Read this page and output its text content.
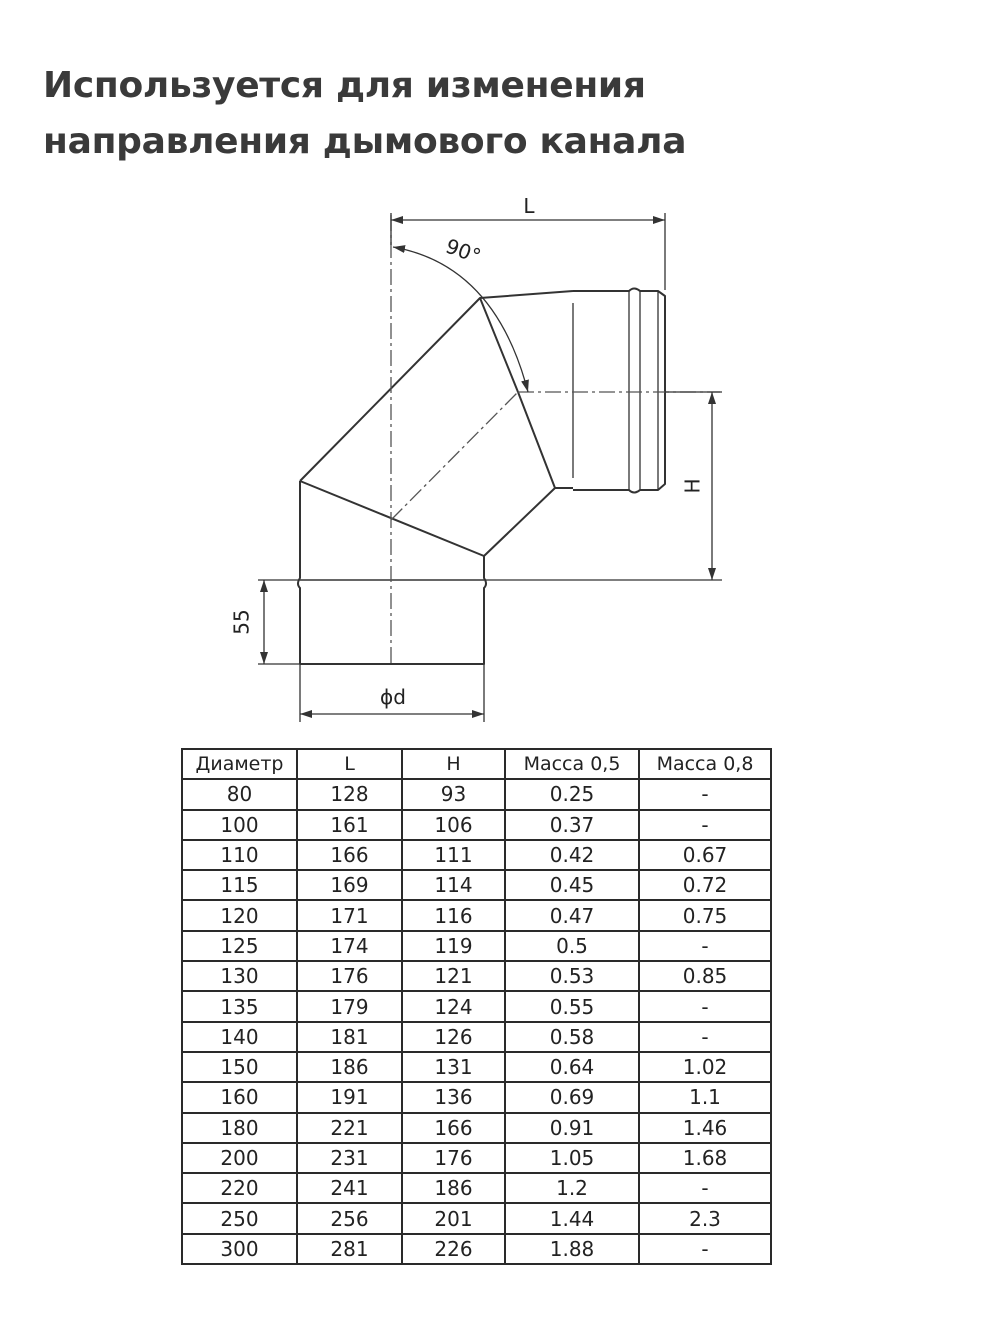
Используется для изменения
направления дымового канала
L
90°
H
55
ϕd
Диаметр	L	H	Масса 0,5	Масса 0,8
80	128	93	0.25	-
100	161	106	0.37	-
110	166	111	0.42	0.67
115	169	114	0.45	0.72
120	171	116	0.47	0.75
125	174	119	0.5	-
130	176	121	0.53	0.85
135	179	124	0.55	-
140	181	126	0.58	-
150	186	131	0.64	1.02
160	191	136	0.69	1.1
180	221	166	0.91	1.46
200	231	176	1.05	1.68
220	241	186	1.2	-
250	256	201	1.44	2.3
300	281	226	1.88	-
